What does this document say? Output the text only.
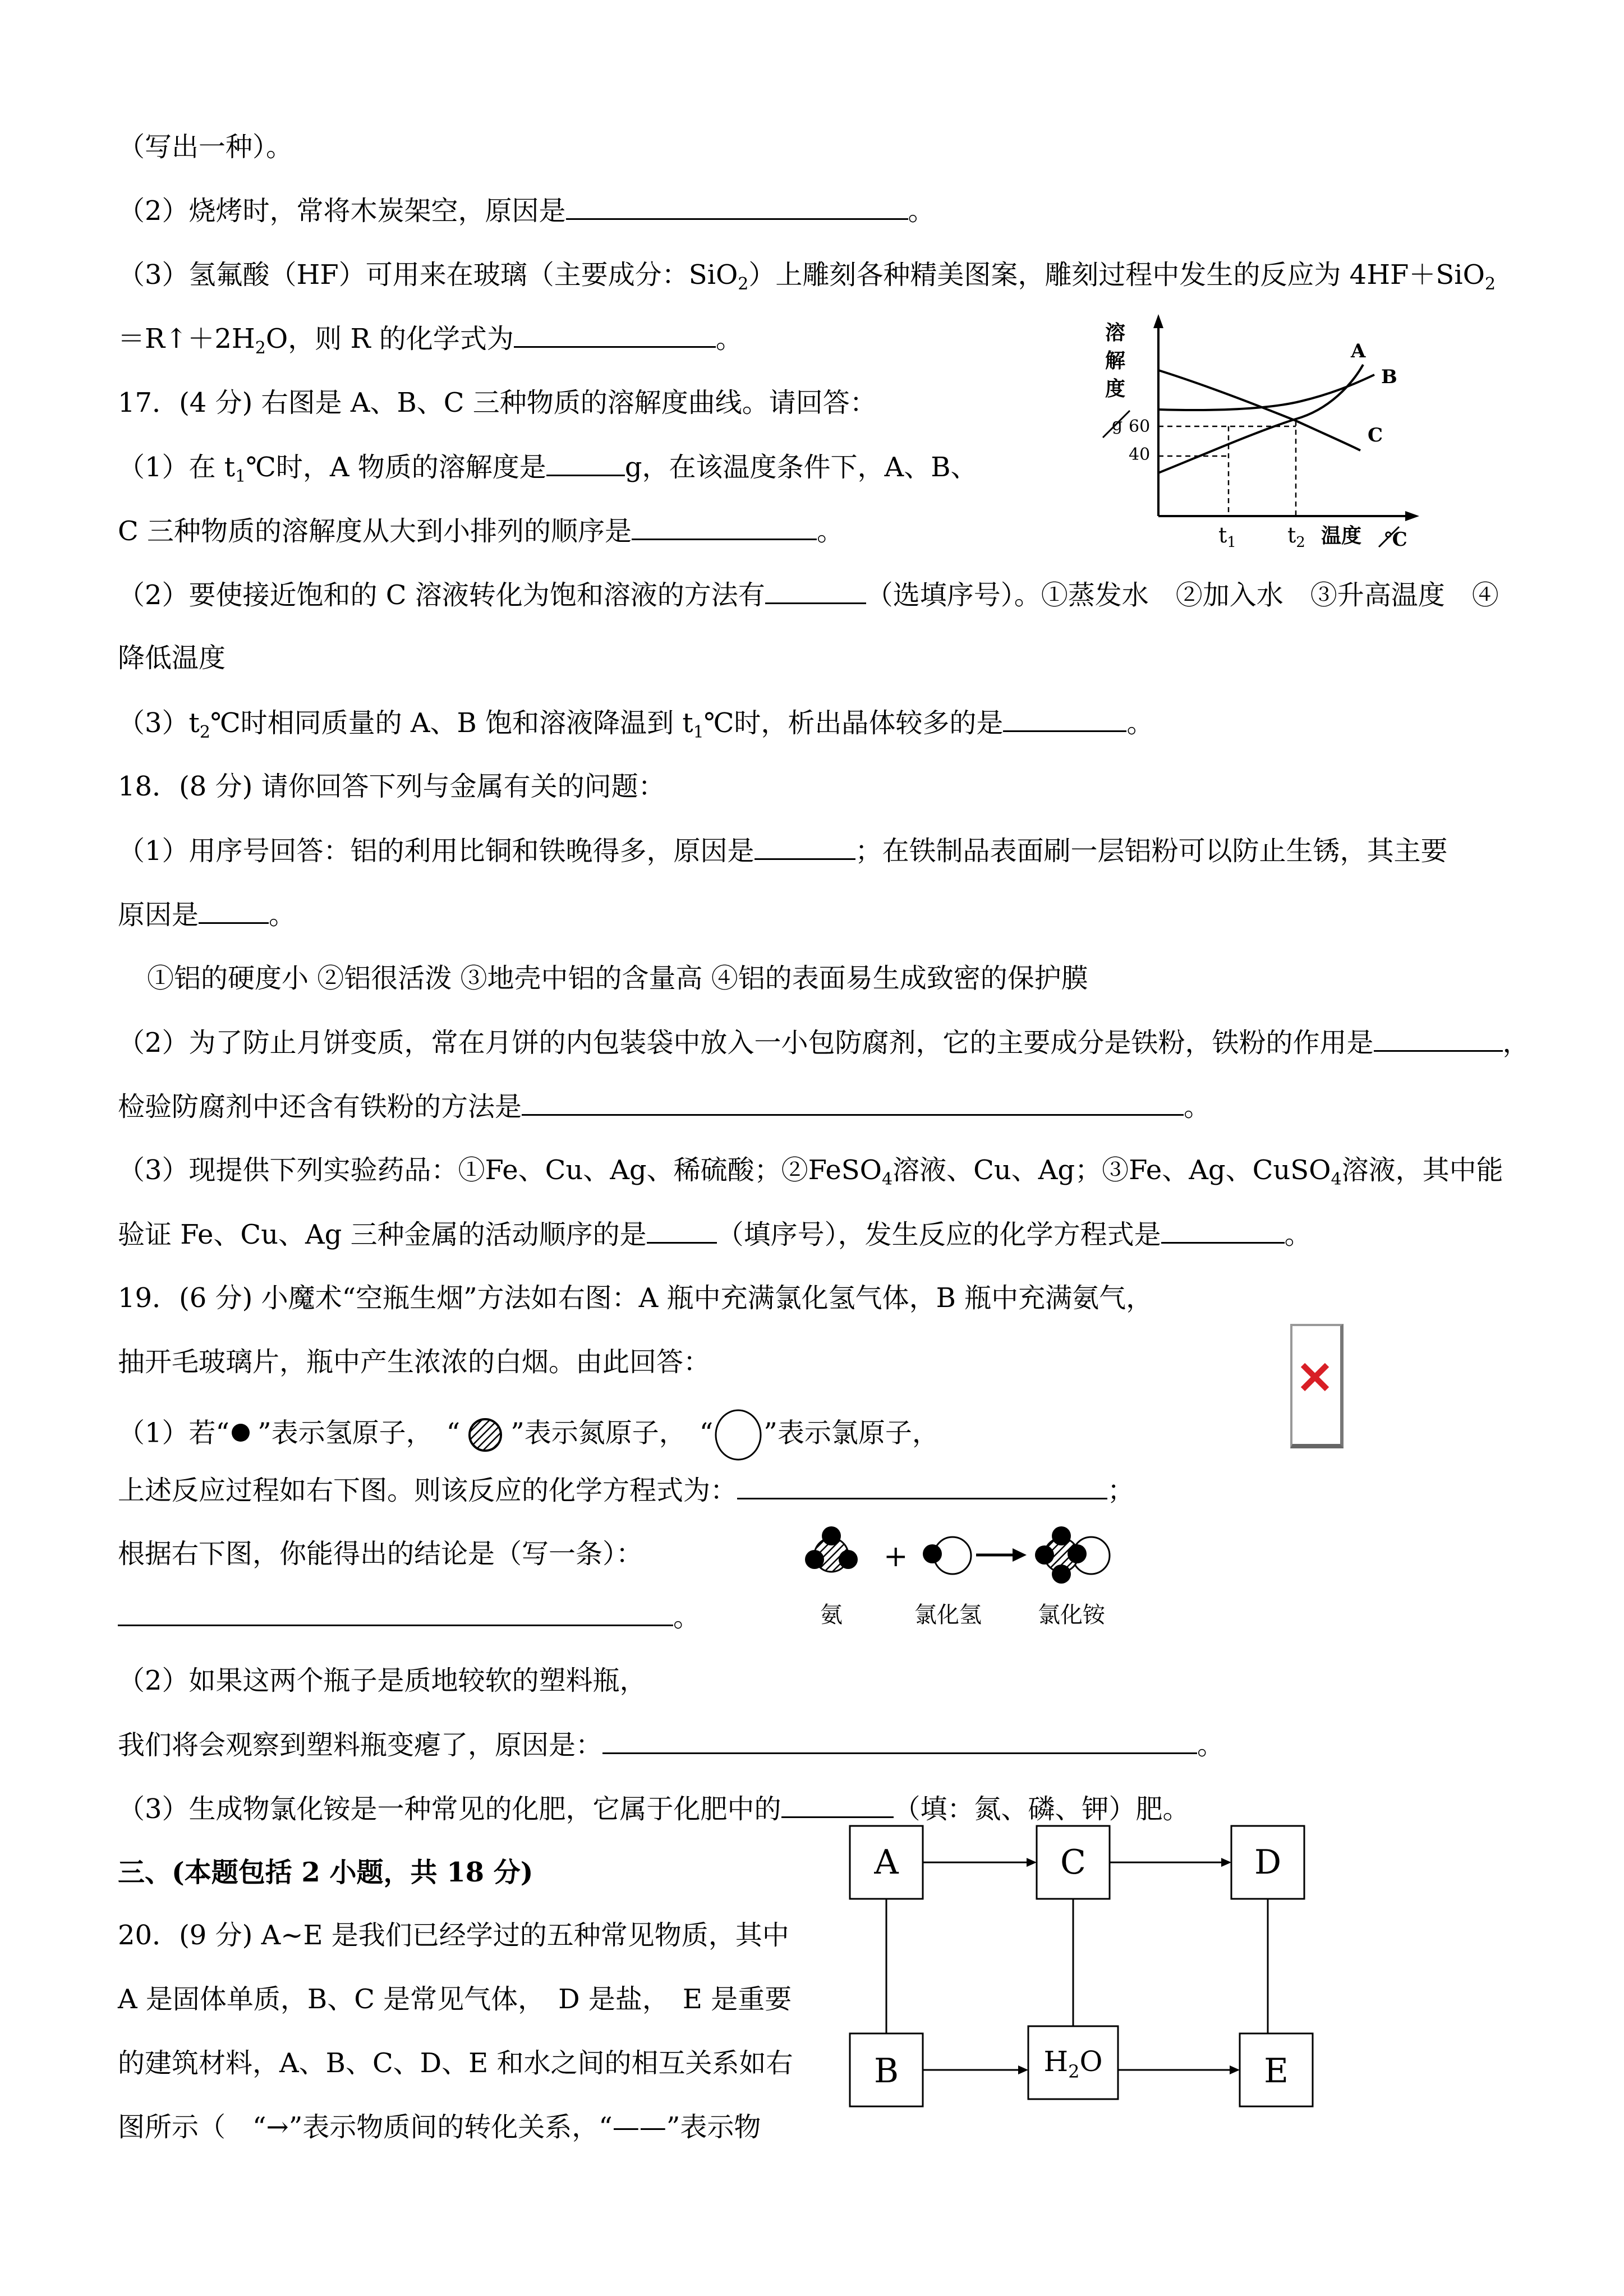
（写出一种）。
（2）烧烤时，常将木炭架空，原因是	。
（3）氢氟酸（HF）可用来在玻璃（主要成分：SiO$_2$）上雕刻各种精美图案，雕刻过程中发生的反应为 4HF＋SiO$_2$
$=R↑+2H_2O$，则 R 的化学式为	。
17．(4 分) 右图是 A、B、C 三种物质的溶解度曲线。请回答：
（1）在 $t_1℃$时，A 物质的溶解度是	g，在该温度条件下，A、B、
C 三种物质的溶解度从大到小排列的顺序是	。
（2）要使接近饱和的 C 溶液转化为饱和溶液的方法有	（选填序号）。①蒸发水　②加入水　③升高温度　④
降低温度
$(3)t_2℃$时相同质量的 A、B 饱和溶液降温到 $t_1℃$时，析出晶体较多的是	。
18．(8 分) 请你回答下列与金属有关的问题：
（1）用序号回答：铝的利用比铜和铁晚得多，原因是	；在铁制品表面刷一层铝粉可以防止生锈，其主要
原因是	。
①铝的硬度小 ②铝很活泼 ③地壳中铝的含量高 ④铝的表面易生成致密的保护膜
（2）为了防止月饼变质，常在月饼的内包装袋中放入一小包防腐剂，它的主要成分是铁粉，铁粉的作用是	，
检验防腐剂中还含有铁粉的方法是	。
（3）现提供下列实验药品：①Fe、Cu、Ag、稀硫酸；②FeSO$_4$溶液、Cu、Ag；③Fe、Ag、CuSO$_4$溶液，其中能
验证 Fe、Cu、Ag 三种金属的活动顺序的是	（填序号），发生反应的化学方程式是	。
19．(6 分) 小魔术“空瓶生烟”方法如右图：A 瓶中充满氯化氢气体，B 瓶中充满氨气，
抽开毛玻璃片，瓶中产生浓浓的白烟。由此回答：
（1）若“ ”表示氢原子，　“ ”表示氮原子，　“ ”表示氯原子，
✕
上述反应过程如右下图。则该反应的化学方程式为：	；
根据右下图，你能得出的结论是（写一条）：
。
+
氨	氯化氢	氯化铵
（2）如果这两个瓶子是质地较软的塑料瓶，
我们将会观察到塑料瓶变瘪了，原因是：	。
（3）生成物氯化铵是一种常见的化肥，它属于化肥中的	（填：氮、磷、钾）肥。
三、(本题包括 2 小题，共 18 分)
20．(9 分) A~E 是我们已经学过的五种常见物质，其中
A 是固体单质，B、C 是常见气体，　D 是盐，　E 是重要
的建筑材料，A、B、C、D、E 和水之间的相互关系如右
图所示（　“→”表示物质间的转化关系，“——”表示物
溶
解
度
g 60
40
A
B
C
$t_1$ $t_2$ 温度 ℃
A	C	D
B	E
$H_2O$
